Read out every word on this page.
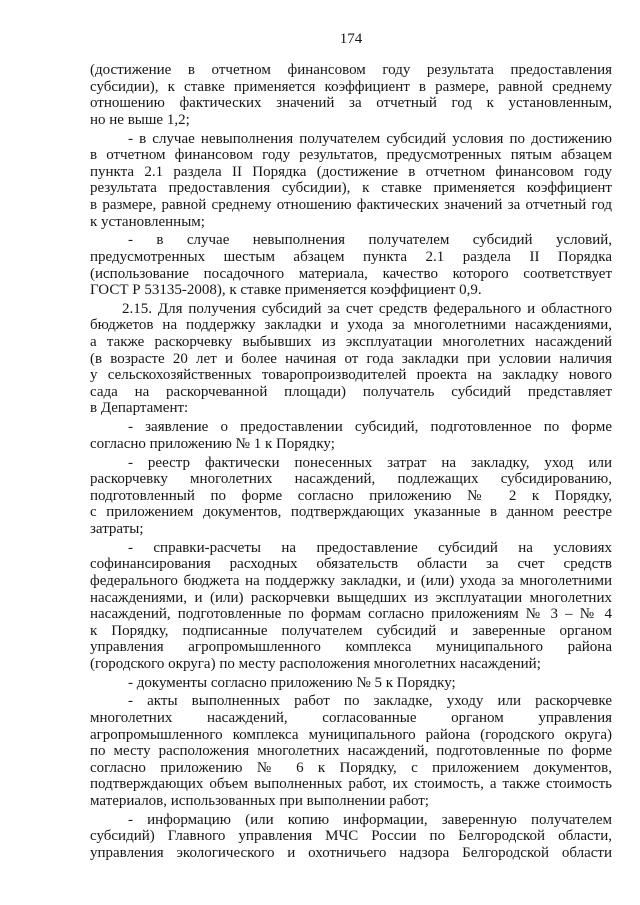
174
(достижение в отчетном финансовом году результата предоставления
субсидии), к ставке применяется коэффициент в размере, равной среднему
отношению фактических значений за отчетный год к установленным,
но не выше 1,2;
- в случае невыполнения получателем субсидий условия по достижению
в отчетном финансовом году результатов, предусмотренных пятым абзацем
пункта 2.1 раздела II Порядка (достижение в отчетном финансовом году
результата предоставления субсидии), к ставке применяется коэффициент
в размере, равной среднему отношению фактических значений за отчетный год
к установленным;
- в случае невыполнения получателем субсидий условий,
предусмотренных шестым абзацем пункта 2.1 раздела II Порядка
(использование посадочного материала, качество которого соответствует
ГОСТ Р 53135-2008), к ставке применяется коэффициент 0,9.
2.15. Для получения субсидий за счет средств федерального и областного
бюджетов на поддержку закладки и ухода за многолетними насаждениями,
а также раскорчевку выбывших из эксплуатации многолетних насаждений
(в возрасте 20 лет и более начиная от года закладки при условии наличия
у сельскохозяйственных товаропроизводителей проекта на закладку нового
сада на раскорчеванной площади) получатель субсидий представляет
в Департамент:
- заявление о предоставлении субсидий, подготовленное по форме
согласно приложению № 1 к Порядку;
- реестр фактически понесенных затрат на закладку, уход или
раскорчевку многолетних насаждений, подлежащих субсидированию,
подготовленный по форме согласно приложению № 2 к Порядку,
с приложением документов, подтверждающих указанные в данном реестре
затраты;
- справки-расчеты на предоставление субсидий на условиях
софинансирования расходных обязательств области за счет средств
федерального бюджета на поддержку закладки, и (или) ухода за многолетними
насаждениями, и (или) раскорчевки выщедших из эксплуатации многолетних
насаждений, подготовленные по формам согласно приложениям № 3 – № 4
к Порядку, подписанные получателем субсидий и заверенные органом
управления агропромышленного комплекса муниципального района
(городского округа) по месту расположения многолетних насаждений;
- документы согласно приложению № 5 к Порядку;
- акты выполненных работ по закладке, уходу или раскорчевке
многолетних насаждений, согласованные органом управления
агропромышленного комплекса муниципального района (городского округа)
по месту расположения многолетних насаждений, подготовленные по форме
согласно приложению № 6 к Порядку, с приложением документов,
подтверждающих объем выполненных работ, их стоимость, а также стоимость
материалов, использованных при выполнении работ;
- информацию (или копию информации, заверенную получателем
субсидий) Главного управления МЧС России по Белгородской области,
управления экологического и охотничьего надзора Белгородской области
